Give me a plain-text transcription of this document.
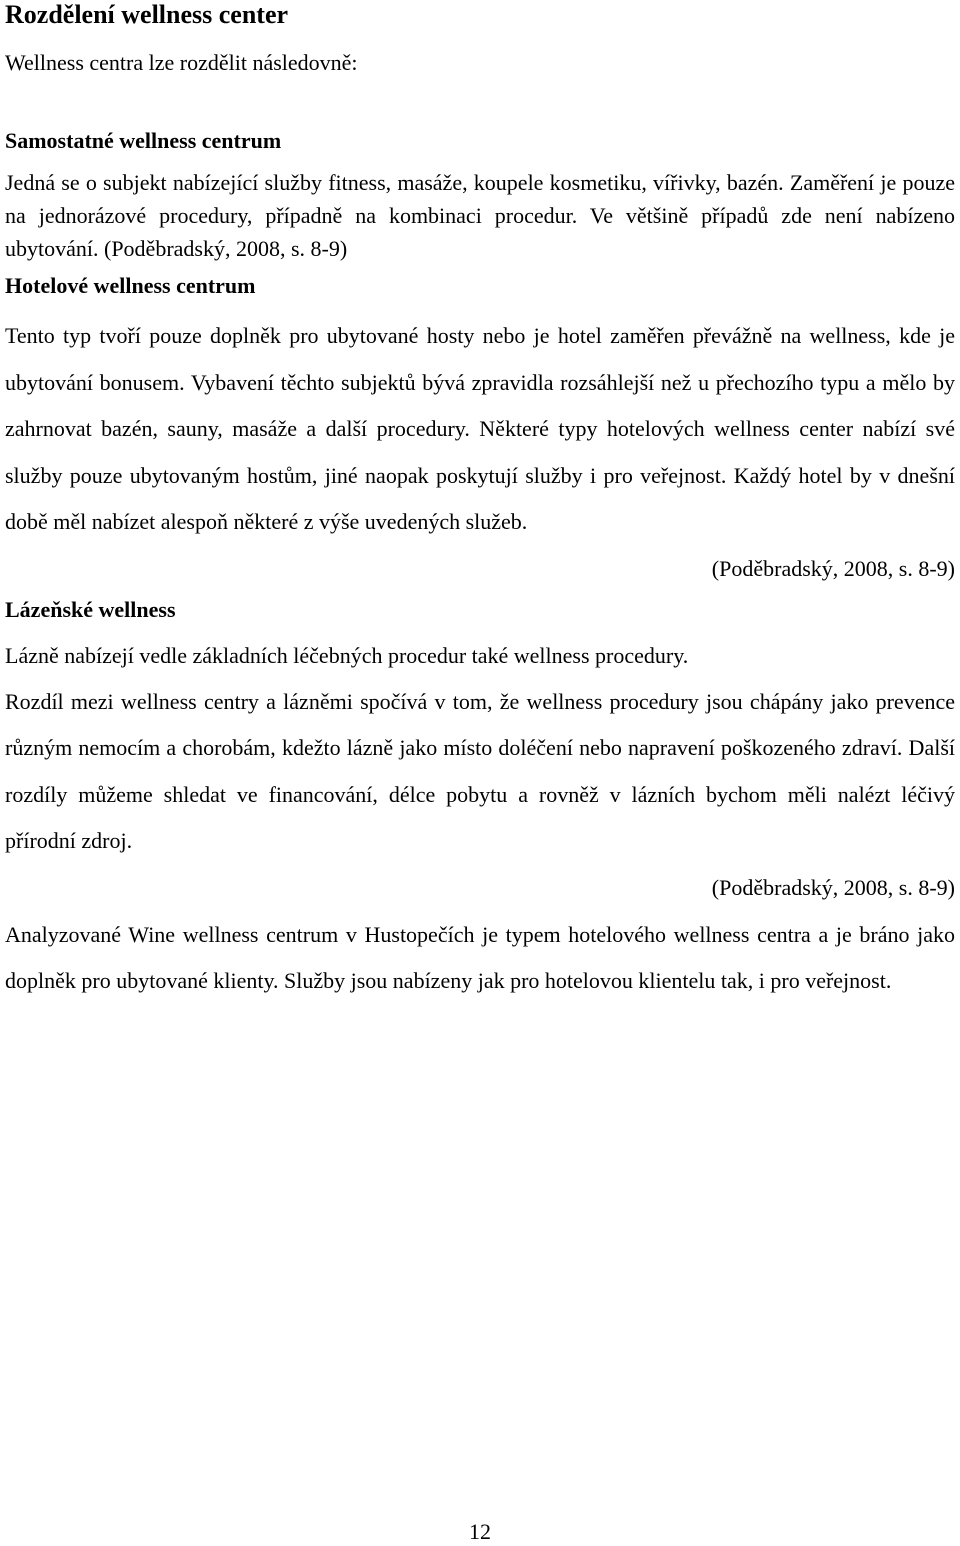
Rozdělení wellness center

Wellness centra lze rozdělit následovně:

Samostatné wellness centrum

Jedná se o subjekt nabízející služby fitness, masáže, koupele kosmetiku, vířivky, bazén. Zaměření je pouze na jednorázové procedury, případně na kombinaci procedur. Ve většině případů zde není nabízeno ubytování. (Poděbradský, 2008, s. 8-9)

Hotelové wellness centrum

Tento typ tvoří pouze doplněk pro ubytované hosty nebo je hotel zaměřen převážně na wellness, kde je ubytování bonusem. Vybavení těchto subjektů bývá zpravidla rozsáhlejší než u přechozího typu a mělo by zahrnovat bazén, sauny, masáže a další procedury. Některé typy hotelových wellness center nabízí své služby pouze ubytovaným hostům, jiné naopak poskytují služby i pro veřejnost. Každý hotel by v dnešní době měl nabízet alespoň některé z výše uvedených služeb.

(Poděbradský, 2008, s. 8-9)

Lázeňské wellness

Lázně nabízejí vedle základních léčebných procedur také wellness procedury.

Rozdíl mezi wellness centry a lázněmi spočívá v tom, že wellness procedury jsou chápány jako prevence různým nemocím a chorobám, kdežto lázně jako místo doléčení nebo napravení poškozeného zdraví. Další rozdíly můžeme shledat ve financování, délce pobytu a rovněž v lázních bychom měli nalézt léčivý přírodní zdroj.

(Poděbradský, 2008, s. 8-9)

Analyzované Wine wellness centrum v Hustopečích je typem hotelového wellness centra a je bráno jako doplněk pro ubytované klienty. Služby jsou nabízeny jak pro hotelovou klientelu tak, i pro veřejnost.

12
